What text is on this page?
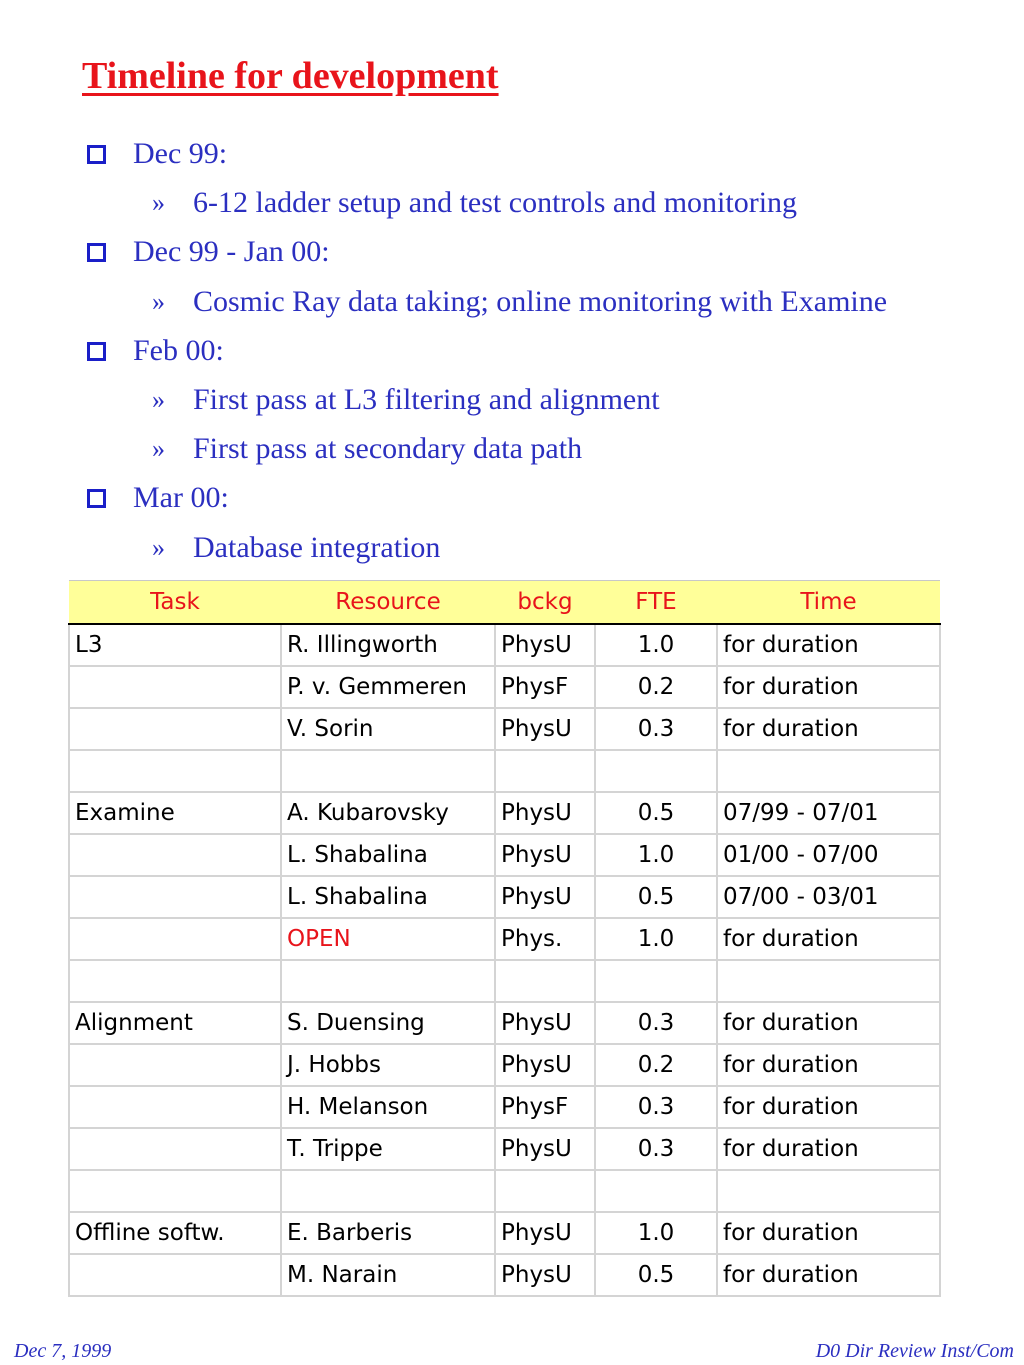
Timeline for development
Dec 99:
» 6-12 ladder setup and test controls and monitoring
Dec 99 - Jan 00:
» Cosmic Ray data taking; online monitoring with Examine
Feb 00:
» First pass at L3 filtering and alignment
» First pass at secondary data path
Mar 00:
» Database integration
Task	Resource	bckg	FTE	Time
L3	R. Illingworth	PhysU	1.0	for duration
	P. v. Gemmeren	PhysF	0.2	for duration
	V. Sorin	PhysU	0.3	for duration

Examine	A. Kubarovsky	PhysU	0.5	07/99 - 07/01
	L. Shabalina	PhysU	1.0	01/00 - 07/00
	L. Shabalina	PhysU	0.5	07/00 - 03/01
	OPEN	Phys.	1.0	for duration

Alignment	S. Duensing	PhysU	0.3	for duration
	J. Hobbs	PhysU	0.2	for duration
	H. Melanson	PhysF	0.3	for duration
	T. Trippe	PhysU	0.3	for duration

Offline softw.	E. Barberis	PhysU	1.0	for duration
	M. Narain	PhysU	0.5	for duration
Dec 7, 1999	D0 Dir Review Inst/Com
